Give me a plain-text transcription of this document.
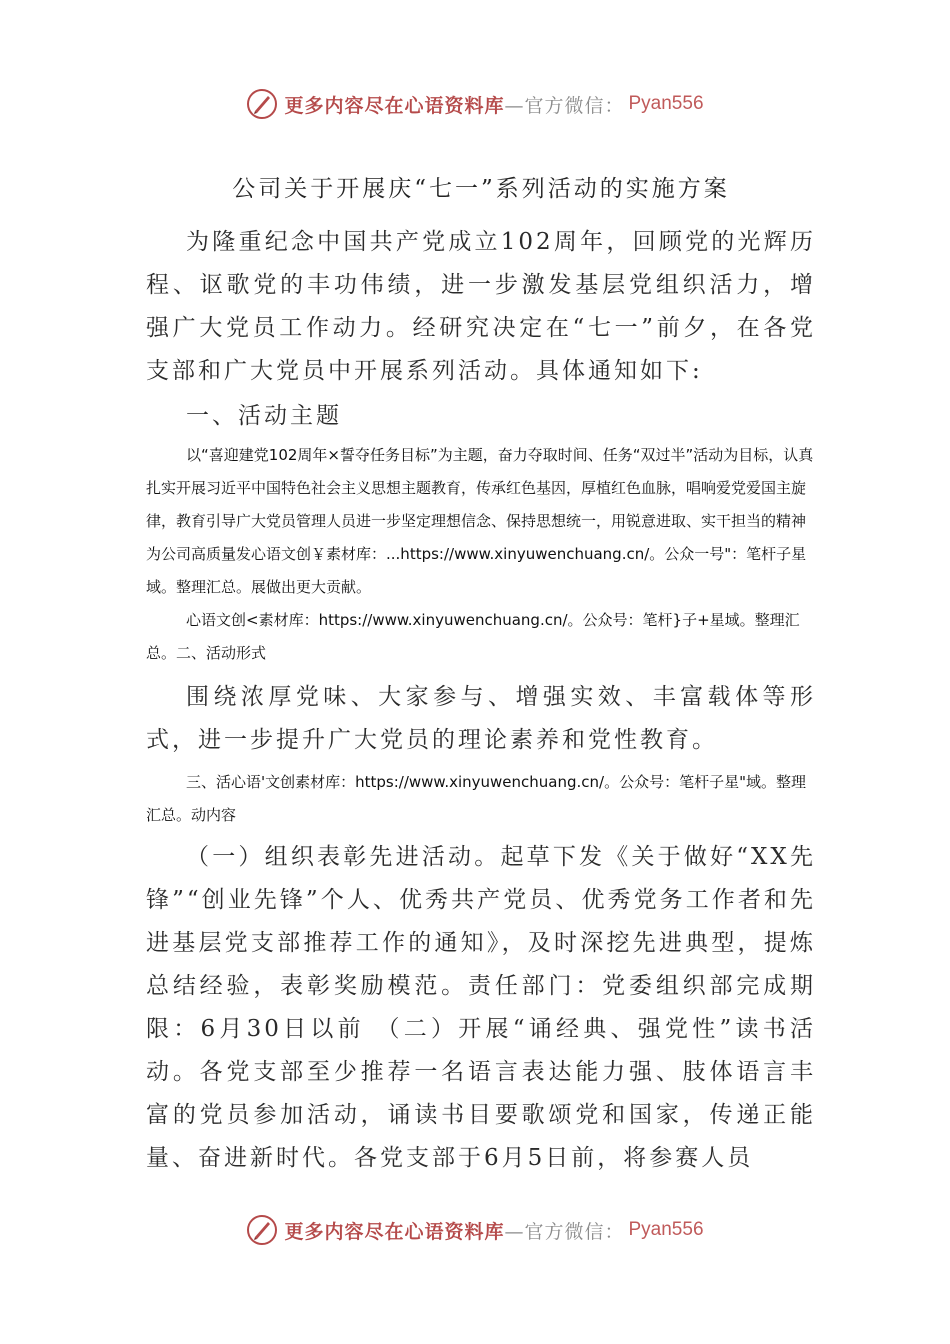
更多内容尽在心语资料库 —官方微信： Pyan556
公司关于开展庆“七一”系列活动的实施方案

为隆重纪念中国共产党成立102周年，回顾党的光辉历程、讴歌党的丰功伟绩，进一步激发基层党组织活力，增强广大党员工作动力。经研究决定在“七一”前夕，在各党支部和广大党员中开展系列活动。具体通知如下:

一、活动主题

以“喜迎建党102周年×誓夺任务目标”为主题，奋力夺取时间、任务“双过半”活动为目标，认真扎实开展习近平中国特色社会主义思想主题教育，传承红色基因，厚植红色血脉，唱响爱党爱国主旋律，教育引导广大党员管理人员进一步坚定理想信念、保持思想统一，用锐意进取、实干担当的精神为公司高质量发心语文创￥素材库：...https://www.xinyuwenchuang.cn/。公众一号"：笔杆子星域。整理汇总。展做出更大贡献。

心语文创<素材库：https://www.xinyuwenchuang.cn/。公众号：笔杆}子+星域。整理汇总。二、活动形式

围绕浓厚党味、大家参与、增强实效、丰富载体等形式，进一步提升广大党员的理论素养和党性教育。

三、活心语'文创素材库：https://www.xinyuwenchuang.cn/。公众号：笔杆子星"域。整理汇总。动内容

（一）组织表彰先进活动。起草下发《关于做好“XX先锋”“创业先锋”个人、优秀共产党员、优秀党务工作者和先进基层党支部推荐工作的通知》，及时深挖先进典型，提炼总结经验，表彰奖励模范。责任部门：党委组织部完成期限：6月30日以前 （二）开展“诵经典、强党性”读书活动。各党支部至少推荐一名语言表达能力强、肢体语言丰富的党员参加活动，诵读书目要歌颂党和国家，传递正能量、奋进新时代。各党支部于6月5日前，将参赛人员

更多内容尽在心语资料库 —官方微信： Pyan556
